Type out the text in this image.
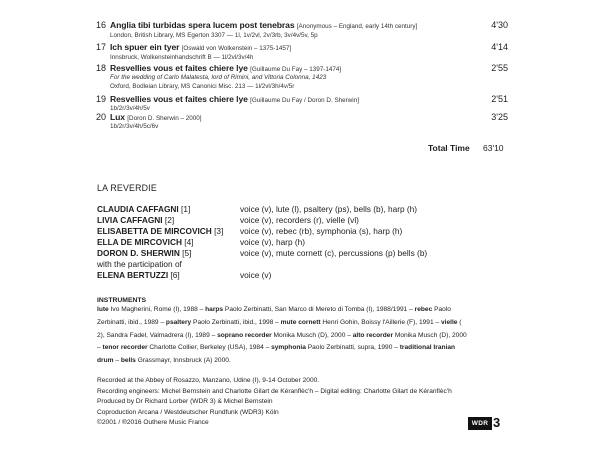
16 Anglia tibi turbidas spera lucem post tenebras [Anonymous – England, early 14th century]
London, British Library, MS Egerton 3307 — 1l, 1v/2vl, 2v/3rb, 3v/4v/5v, 5p
4'30
17 Ich spuer ein tyer [Oswald von Wolkenstein – 1375-1457]
Innsbruck, Wolkensteinhandschrift B — 1l/2vl/3v/4h
4'14
18 Resvellies vous et faites chiere lye [Guillaume Du Fay – 1397-1474]
For the wedding of Carlo Malatesta, lord of Rimini, and Vittoria Colonna, 1423
Oxford, Bodleian Library, MS Canonici Misc. 213 — 1l/2vl/3h/4v/5r
2'55
19 Resvellies vous et faites chiere lye [Guillaume Du Fay / Doron D. Sherwin]
1b/2r/3v/4h/5v
2'51
20 Lux [Doron D. Sherwin – 2000]
1b/2r/3v/4h/5c/6v
3'25
Total Time 63'10
LA REVERDIE
CLAUDIA CAFFAGNI [1]	voice (v), lute (l), psaltery (ps), bells (b), harp (h)
LIVIA CAFFAGNI [2]	voice (v), recorders (r), vielle (vl)
ELISABETTA DE MIRCOVICH [3] voice (v), rebec (rb), symphonia (s), harp (h)
ELLA DE MIRCOVICH [4]	voice (v), harp (h)
DORON D. SHERWIN [5]	voice (v), mute cornett (c), percussions (p) bells (b)
with the participation of
ELENA BERTUZZI [6]	voice (v)
INSTRUMENTS
lute Ivo Magherini, Rome (I), 1988 – harps Paolo Zerbinatti, San Marco di Mereto di Tomba (I), 1988/1991 – rebec Paolo
Zerbinatti, ibid., 1989 – psaltery Paolo Zerbinatti, ibid., 1998 – mute cornett Henri Gohin, Boissy l'Aillerie (F), 1991 – vielle (
2), Sandra Fadel, Valmadrera (I), 1989 – soprano recorder Monika Musch (D), 2000 – alto recorder Monika Musch (D), 2000
– tenor recorder Charlotte Collier, Berkeley (USA), 1984 – symphonia Paolo Zerbinatti, supra, 1990 – traditional Iranian
drum – bells Grassmayr, Innsbruck (A) 2000.
Recorded at the Abbey of Rosazzo, Manzano, Udine (I), 9-14 October 2000.
Recording engineers: Michel Bernstein and Charlotte Gilart de Kéranflèc'h – Digital editing: Charlotte Gilart de Kéranflèc'h
Produced by Dr Richard Lorber (WDR 3) & Michel Bernstein
Coproduction Arcana / Westdeutscher Rundfunk (WDR3) Köln
©2001 / ®2016 Outhere Music France	WDR 3
